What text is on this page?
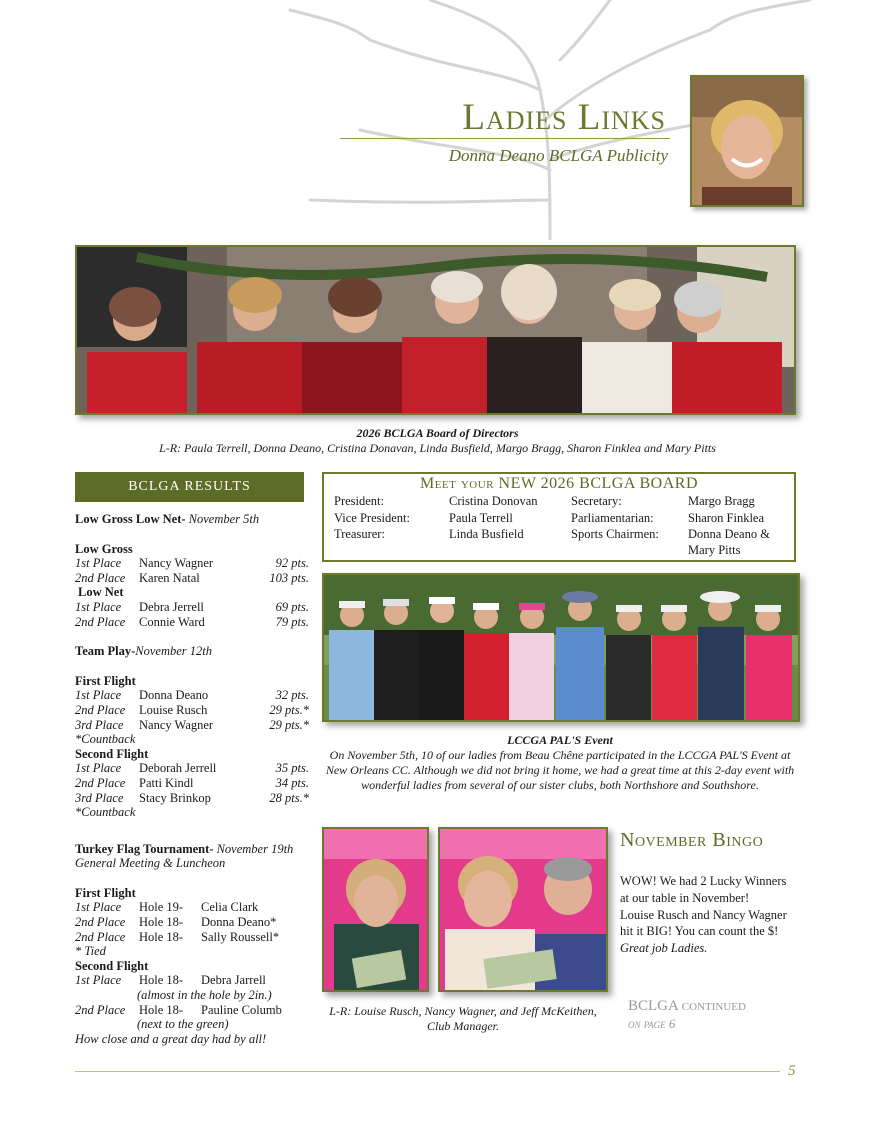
Ladies Links
Donna Deano BCLGA Publicity
2026 BCLGA Board of Directors
L-R: Paula Terrell, Donna Deano, Cristina Donavan, Linda Busfield, Margo Bragg, Sharon Finklea and Mary Pitts
BCLGA RESULTS
Low Gross Low Net- November 5th
Low Gross
1st Place	Nancy Wagner	92 pts.
2nd Place	Karen Natal	103 pts.
Low Net
1st Place	Debra Jerrell	69 pts.
2nd Place	Connie Ward	79 pts.
Team Play-November 12th
First Flight
1st Place	Donna Deano	32 pts.
2nd Place	Louise Rusch	29 pts.*
3rd Place	Nancy Wagner	29 pts.*
*Countback
Second Flight
1st Place	Deborah Jerrell	35 pts.
2nd Place	Patti Kindl	34 pts.
3rd Place	Stacy Brinkop	28 pts.*
*Countback
Turkey Flag Tournament- November 19th
General Meeting & Luncheon
First Flight
1st Place	Hole 19-	Celia Clark
2nd Place	Hole 18-	Donna Deano*
2nd Place	Hole 18-	Sally Roussell*
* Tied
Second Flight
1st Place	Hole 18-	Debra Jarrell
(almost in the hole by 2in.)
2nd Place	Hole 18-	Pauline Columb
(next to the green)
How close and a great day had by all!
Meet your NEW 2026 BCLGA BOARD
President:	Cristina Donovan	Secretary:	Margo Bragg
Vice President:	Paula Terrell	Parliamentarian:	Sharon Finklea
Treasurer:	Linda Busfield	Sports Chairmen:	Donna Deano &
Mary Pitts
LCCGA PAL'S Event
On November 5th, 10 of our ladies from Beau Chêne participated in the LCCGA PAL'S Event at New Orleans CC. Although we did not bring it home, we had a great time at this 2-day event with wonderful ladies from several of our sister clubs, both Northshore and Southshore.
L-R: Louise Rusch, Nancy Wagner, and Jeff McKeithen, Club Manager.
November Bingo
WOW! We had 2 Lucky Winners at our table in November!
Louise Rusch and Nancy Wagner hit it BIG! You can count the $!
Great job Ladies.
BCLGA continued
on page 6
5
